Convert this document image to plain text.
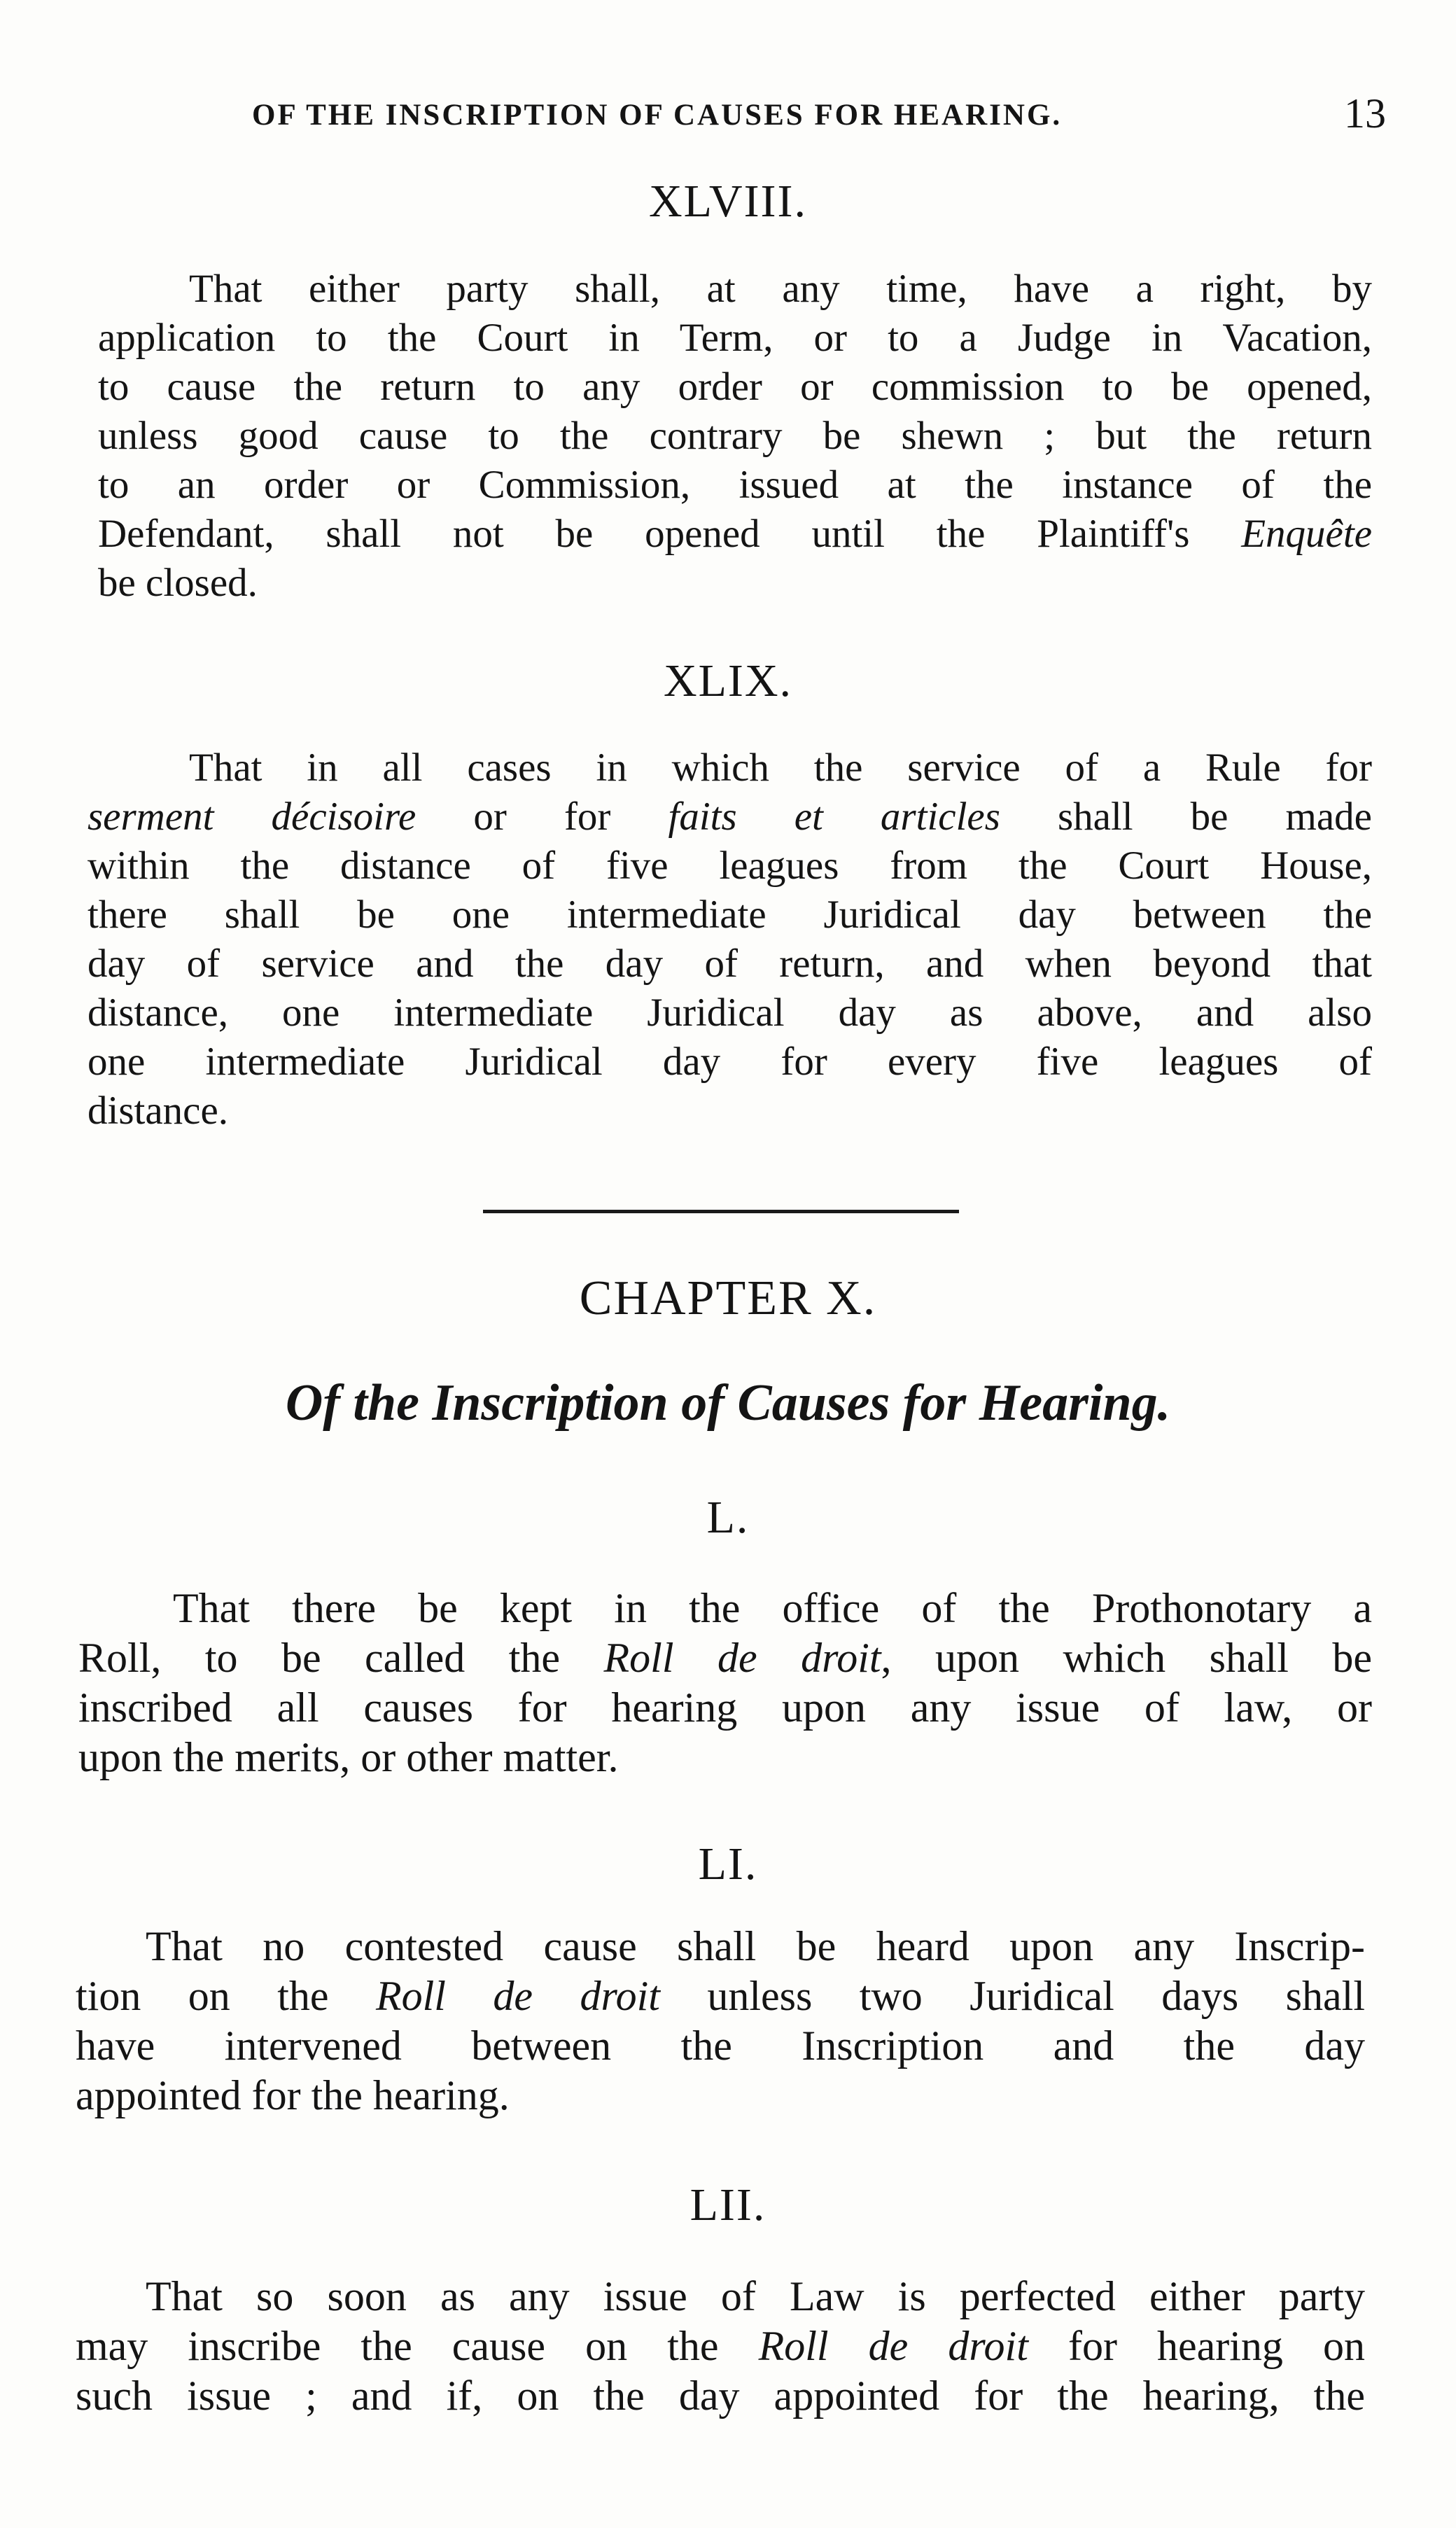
OF THE INSCRIPTION OF CAUSES FOR HEARING.	13
XLVIII.
That either party shall, at any time, have a right, by
application to the Court in Term, or to a Judge in Vacation,
to cause the return to any order or commission to be opened,
unless good cause to the contrary be shewn ; but the return
to an order or Commission, issued at the instance of the
Defendant, shall not be opened until the Plaintiff's Enquête
be closed.
XLIX.
That in all cases in which the service of a Rule for
serment décisoire or for faits et articles shall be made
within the distance of five leagues from the Court House,
there shall be one intermediate Juridical day between the
day of service and the day of return, and when beyond that
distance, one intermediate Juridical day as above, and also
one intermediate Juridical day for every five leagues of
distance.
CHAPTER X.
Of the Inscription of Causes for Hearing.
L.
That there be kept in the office of the Prothonotary a
Roll, to be called the Roll de droit, upon which shall be
inscribed all causes for hearing upon any issue of law, or
upon the merits, or other matter.
LI.
That no contested cause shall be heard upon any Inscrip-
tion on the Roll de droit unless two Juridical days shall
have intervened between the Inscription and the day
appointed for the hearing.
LII.
That so soon as any issue of Law is perfected either party
may inscribe the cause on the Roll de droit for hearing on
such issue ; and if, on the day appointed for the hearing, the
